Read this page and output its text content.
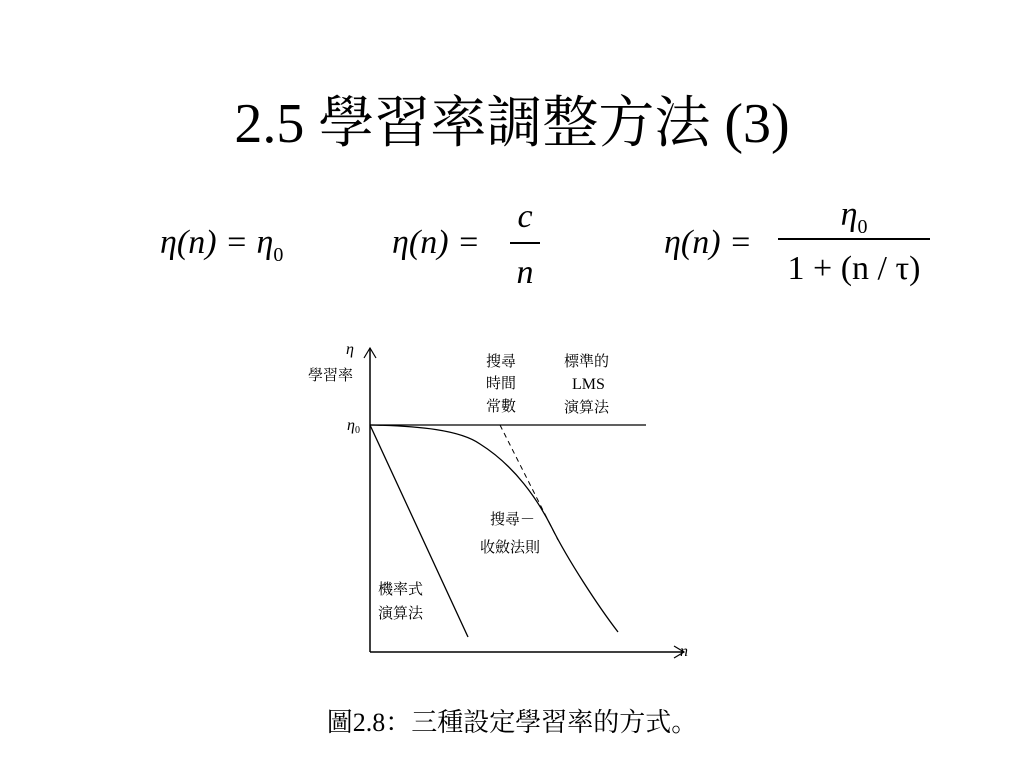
2.5 學習率調整方法 (3)
$\eta(n) = \eta_0$	η(n) =
c
n
η(n) =
$\eta_0$
1 + (n / τ)
η
學習率
η0
n
搜尋
時間
常數
標準的
LMS
演算法
搜尋－
收斂法則
機率式
演算法
圖2.8：三種設定學習率的方式。
